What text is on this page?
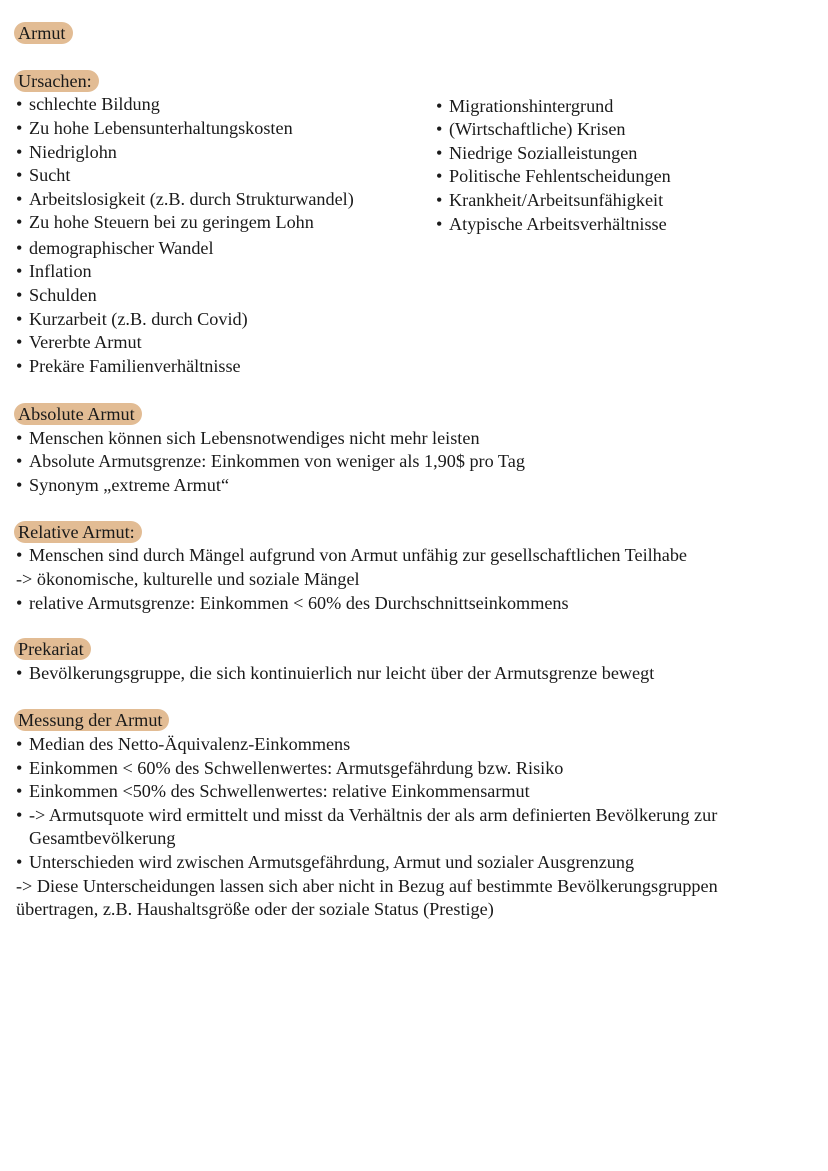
Armut
Ursachen:
• schlechte Bildung
• Zu hohe Lebensunterhaltungskosten
• Niedriglohn
• Sucht
• Arbeitslosigkeit (z.B. durch Strukturwandel)
• Zu hohe Steuern bei zu geringem Lohn
• demographischer Wandel
• Inflation
• Schulden
• Kurzarbeit (z.B. durch Covid)
• Vererbte Armut
• Prekäre Familienverhältnisse
• Migrationshintergrund
• (Wirtschaftliche) Krisen
• Niedrige Sozialleistungen
• Politische Fehlentscheidungen
• Krankheit/Arbeitsunfähigkeit
• Atypische Arbeitsverhältnisse
Absolute Armut
• Menschen können sich Lebensnotwendiges nicht mehr leisten
• Absolute Armutsgrenze: Einkommen von weniger als 1,90$ pro Tag
• Synonym „extreme Armut“
Relative Armut:
• Menschen sind durch Mängel aufgrund von Armut unfähig zur gesellschaftlichen Teilhabe
-> ökonomische, kulturelle und soziale Mängel
• relative Armutsgrenze: Einkommen < 60% des Durchschnittseinkommens
Prekariat
• Bevölkerungsgruppe, die sich kontinuierlich nur leicht über der Armutsgrenze bewegt
Messung der Armut
• Median des Netto-Äquivalenz-Einkommens
• Einkommen < 60% des Schwellenwertes: Armutsgefährdung bzw. Risiko
• Einkommen <50% des Schwellenwertes: relative Einkommensarmut
• -> Armutsquote wird ermittelt und misst da Verhältnis der als arm definierten Bevölkerung zur
Gesamtbevölkerung
• Unterschieden wird zwischen Armutsgefährdung, Armut und sozialer Ausgrenzung
-> Diese Unterscheidungen lassen sich aber nicht in Bezug auf bestimmte Bevölkerungsgruppen
übertragen, z.B. Haushaltsgröße oder der soziale Status (Prestige)
